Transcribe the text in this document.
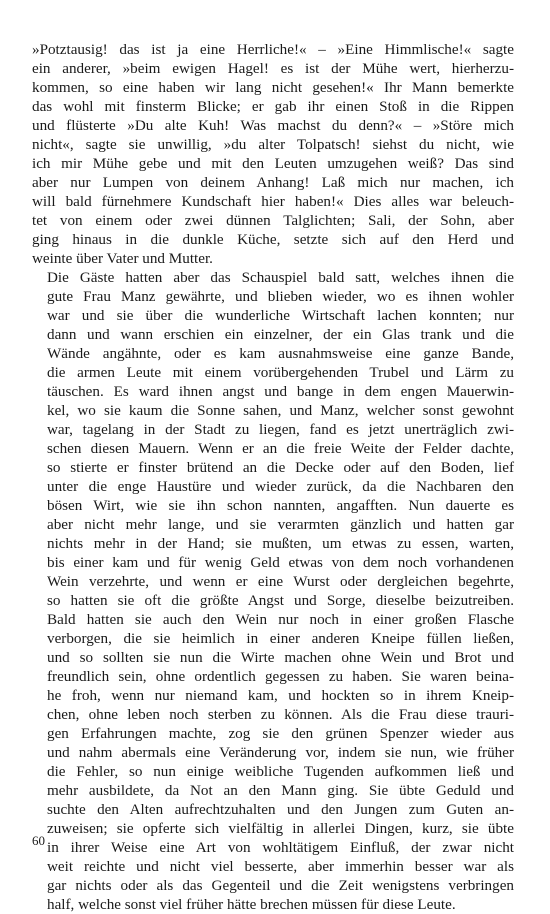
»Potztausig! das ist ja eine Herrliche!« – »Eine Himmlische!« sagte
ein anderer, »beim ewigen Hagel! es ist der Mühe wert, hierherzu-
kommen, so eine haben wir lang nicht gesehen!« Ihr Mann bemerkte
das wohl mit finsterm Blicke; er gab ihr einen Stoß in die Rippen
und flüsterte »Du alte Kuh! Was machst du denn?« – »Störe mich
nicht«, sagte sie unwillig, »du alter Tolpatsch! siehst du nicht, wie
ich mir Mühe gebe und mit den Leuten umzugehen weiß? Das sind
aber nur Lumpen von deinem Anhang! Laß mich nur machen, ich
will bald fürnehmere Kundschaft hier haben!« Dies alles war beleuch-
tet von einem oder zwei dünnen Talglichten; Sali, der Sohn, aber
ging hinaus in die dunkle Küche, setzte sich auf den Herd und
weinte über Vater und Mutter.
Die Gäste hatten aber das Schauspiel bald satt, welches ihnen die
gute Frau Manz gewährte, und blieben wieder, wo es ihnen wohler
war und sie über die wunderliche Wirtschaft lachen konnten; nur
dann und wann erschien ein einzelner, der ein Glas trank und die
Wände angähnte, oder es kam ausnahmsweise eine ganze Bande,
die armen Leute mit einem vorübergehenden Trubel und Lärm zu
täuschen. Es ward ihnen angst und bange in dem engen Mauerwin-
kel, wo sie kaum die Sonne sahen, und Manz, welcher sonst gewohnt
war, tagelang in der Stadt zu liegen, fand es jetzt unerträglich zwi-
schen diesen Mauern. Wenn er an die freie Weite der Felder dachte,
so stierte er finster brütend an die Decke oder auf den Boden, lief
unter die enge Haustüre und wieder zurück, da die Nachbaren den
bösen Wirt, wie sie ihn schon nannten, angafften. Nun dauerte es
aber nicht mehr lange, und sie verarmten gänzlich und hatten gar
nichts mehr in der Hand; sie mußten, um etwas zu essen, warten,
bis einer kam und für wenig Geld etwas von dem noch vorhandenen
Wein verzehrte, und wenn er eine Wurst oder dergleichen begehrte,
so hatten sie oft die größte Angst und Sorge, dieselbe beizutreiben.
Bald hatten sie auch den Wein nur noch in einer großen Flasche
verborgen, die sie heimlich in einer anderen Kneipe füllen ließen,
und so sollten sie nun die Wirte machen ohne Wein und Brot und
freundlich sein, ohne ordentlich gegessen zu haben. Sie waren beina-
he froh, wenn nur niemand kam, und hockten so in ihrem Kneip-
chen, ohne leben noch sterben zu können. Als die Frau diese trauri-
gen Erfahrungen machte, zog sie den grünen Spenzer wieder aus
und nahm abermals eine Veränderung vor, indem sie nun, wie früher
die Fehler, so nun einige weibliche Tugenden aufkommen ließ und
mehr ausbildete, da Not an den Mann ging. Sie übte Geduld und
suchte den Alten aufrechtzuhalten und den Jungen zum Guten an-
zuweisen; sie opferte sich vielfältig in allerlei Dingen, kurz, sie übte
in ihrer Weise eine Art von wohltätigem Einfluß, der zwar nicht
weit reichte und nicht viel besserte, aber immerhin besser war als
gar nichts oder als das Gegenteil und die Zeit wenigstens verbringen
half, welche sonst viel früher hätte brechen müssen für diese Leute.
60
